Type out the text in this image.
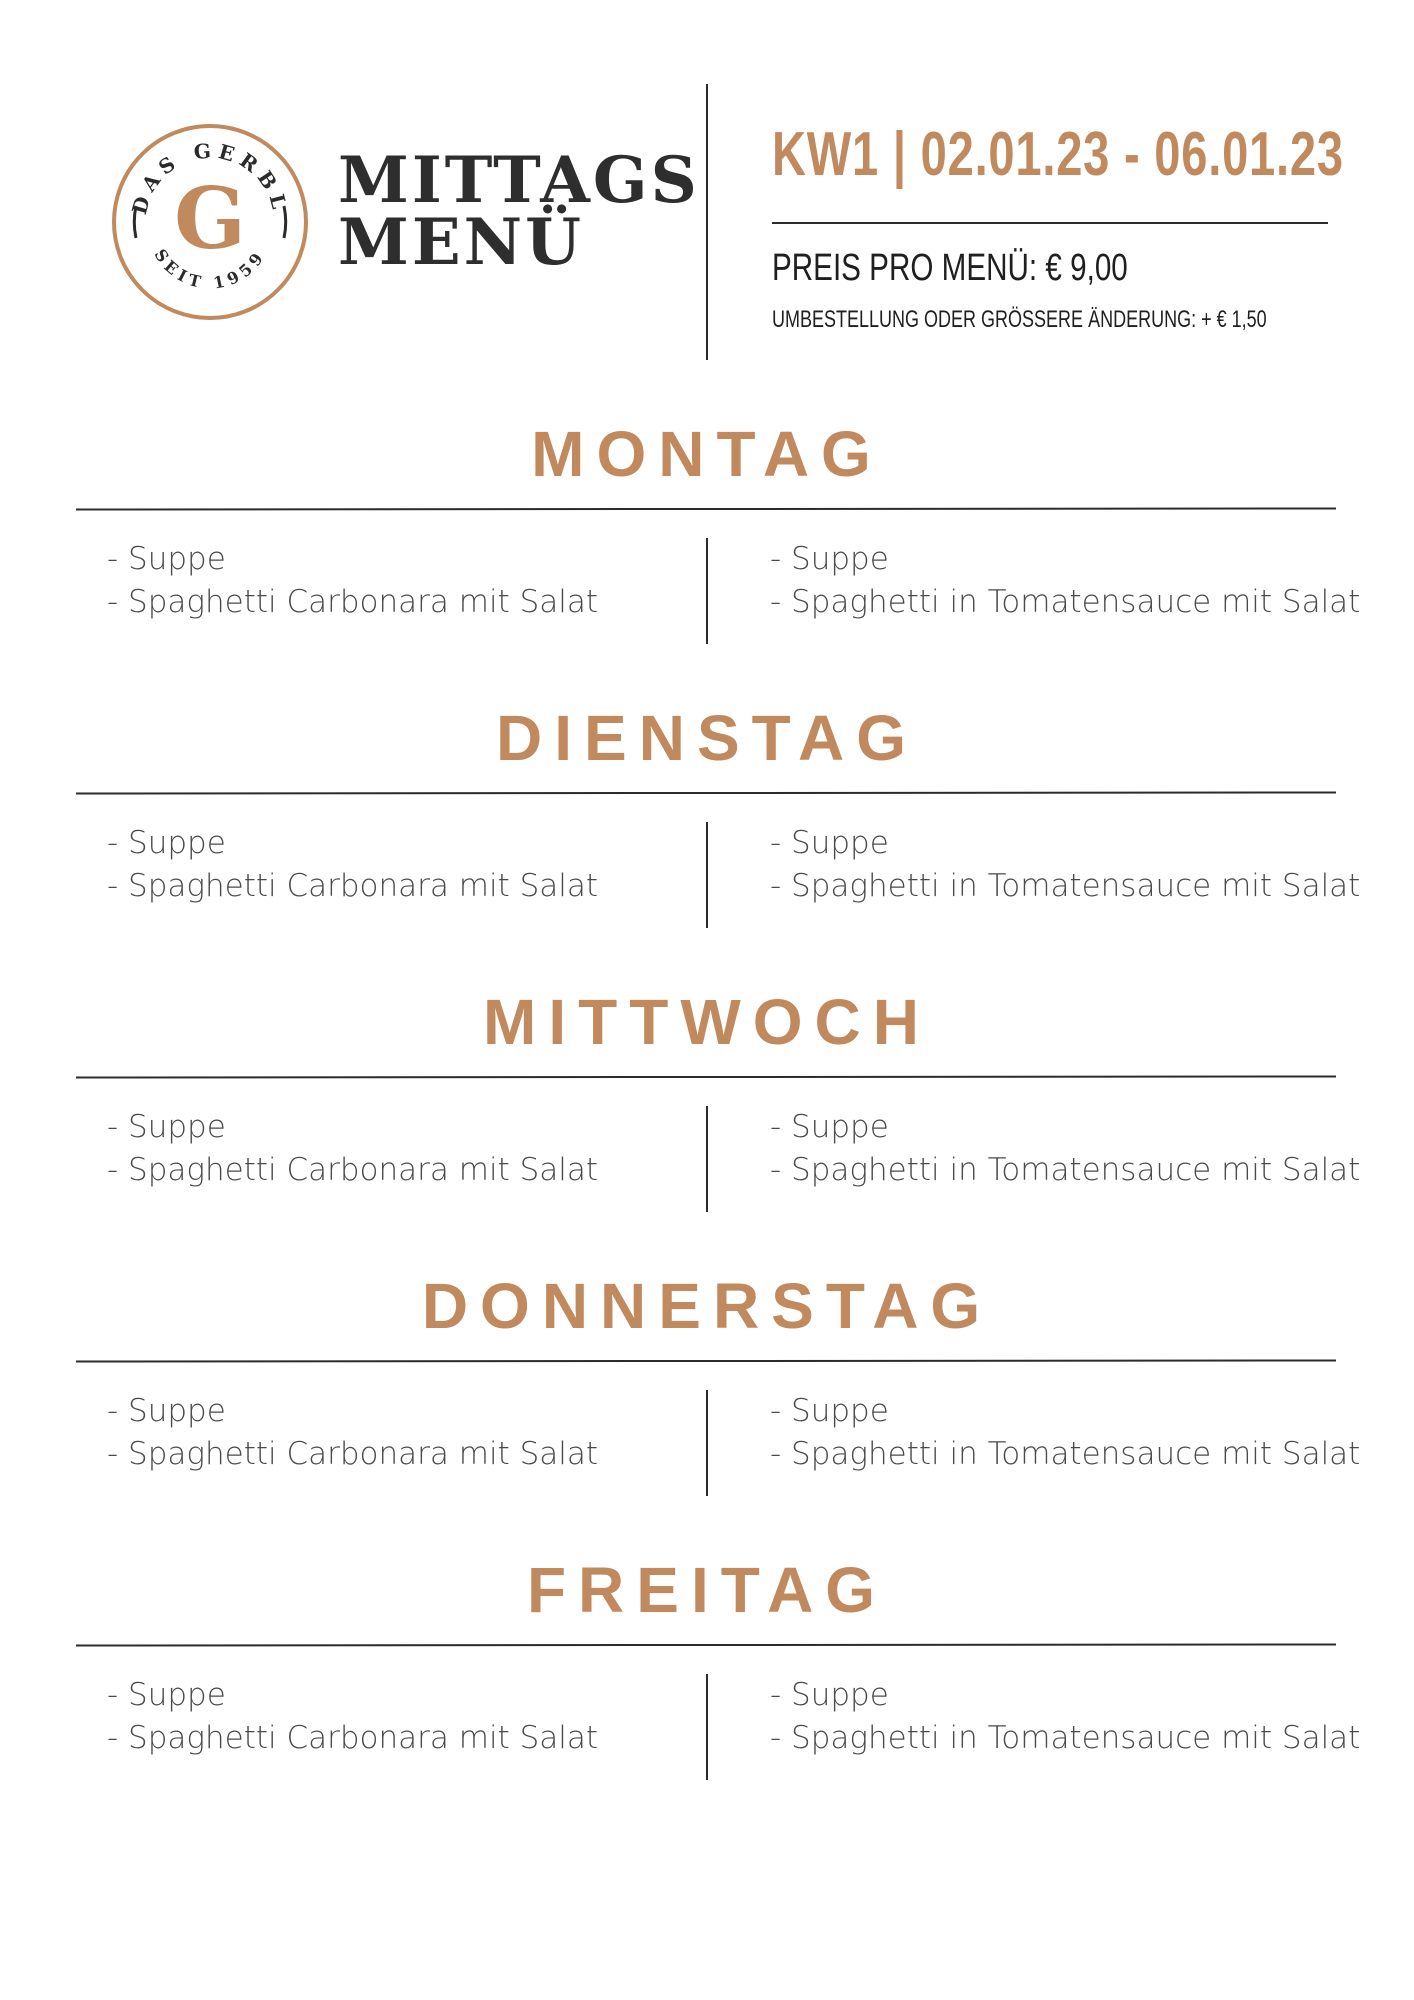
DAS GERBL
SEIT 1959
G MITTAGS
MENÜ

KW1 | 02.01.23 - 06.01.23

PREIS PRO MENÜ: € 9,00

UMBESTELLUNG ODER GRÖSSERE ÄNDERUNG: + € 1,50

MONTAG
- Suppe
- Spaghetti Carbonara mit Salat
- Suppe
- Spaghetti in Tomatensauce mit Salat
DIENSTAG
- Suppe
- Spaghetti Carbonara mit Salat
- Suppe
- Spaghetti in Tomatensauce mit Salat
MITTWOCH
- Suppe
- Spaghetti Carbonara mit Salat
- Suppe
- Spaghetti in Tomatensauce mit Salat
DONNERSTAG
- Suppe
- Spaghetti Carbonara mit Salat
- Suppe
- Spaghetti in Tomatensauce mit Salat
FREITAG
- Suppe
- Spaghetti Carbonara mit Salat
- Suppe
- Spaghetti in Tomatensauce mit Salat
